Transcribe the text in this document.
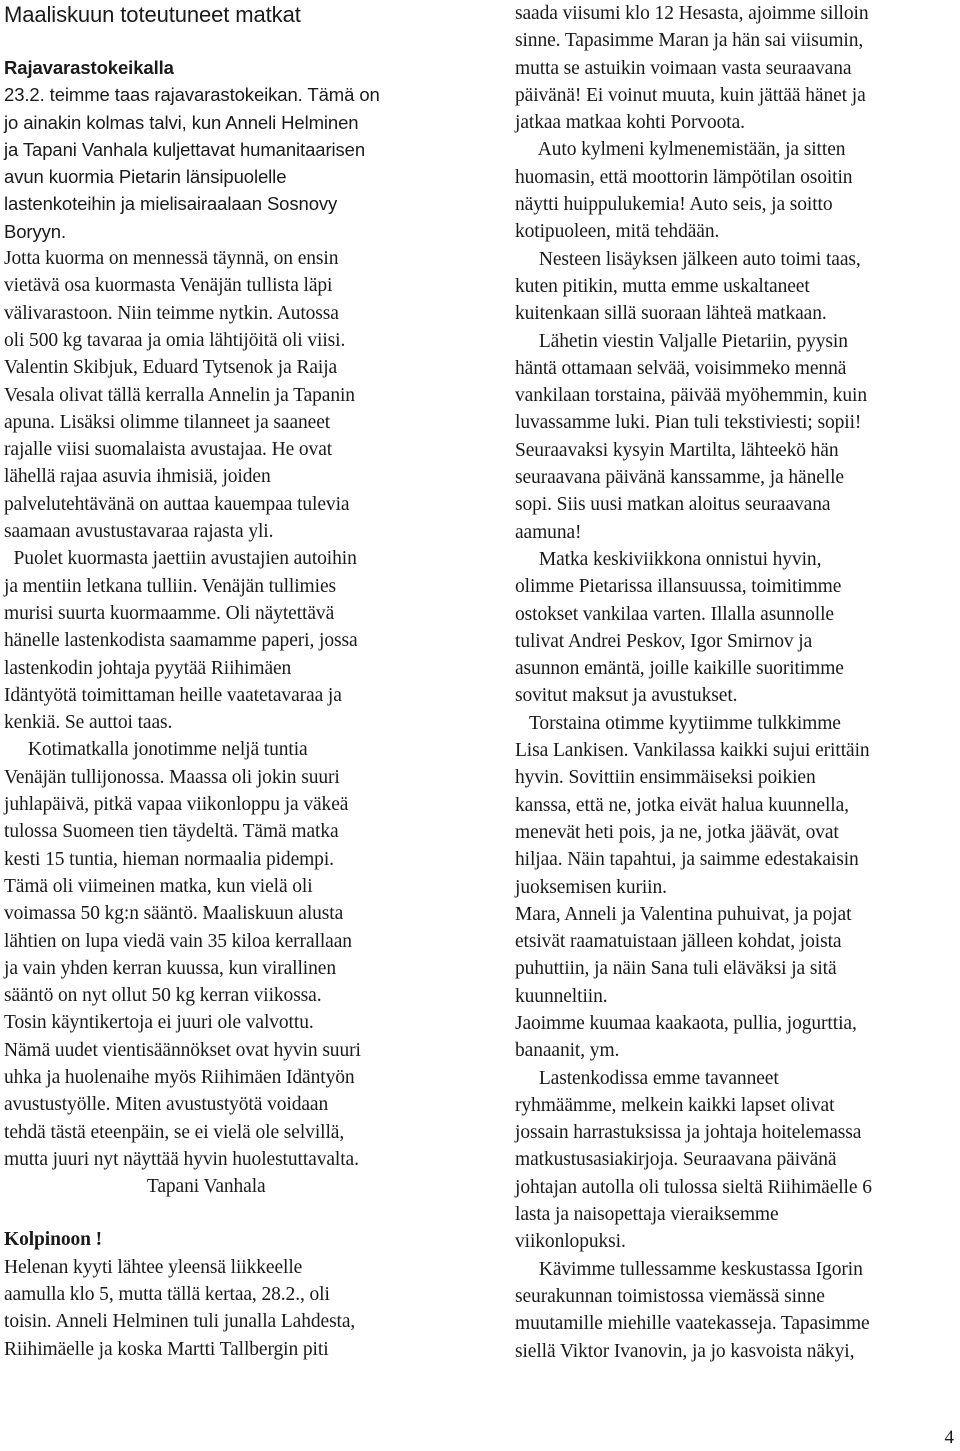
Maaliskuun toteutuneet matkat
Rajavarastokeikalla
23.2. teimme taas rajavarastokeikan. Tämä on
jo ainakin kolmas talvi, kun Anneli Helminen
ja Tapani Vanhala kuljettavat humanitaarisen
avun kuormia Pietarin länsipuolelle
lastenkoteihin ja mielisairaalaan Sosnovy
Boryyn.
Jotta kuorma on mennessä täynnä, on ensin
vietävä osa kuormasta Venäjän tullista läpi
välivarastoon. Niin teimme nytkin. Autossa
oli 500 kg tavaraa ja omia lähtijöitä oli viisi.
Valentin Skibjuk, Eduard Tytsenok ja Raija
Vesala olivat tällä kerralla Annelin ja Tapanin
apuna. Lisäksi olimme tilanneet ja saaneet
rajalle viisi suomalaista avustajaa. He ovat
lähellä rajaa asuvia ihmisiä, joiden
palvelutehtävänä on auttaa kauempaa tulevia
saamaan avustustavaraa rajasta yli.
Puolet kuormasta jaettiin avustajien autoihin
ja mentiin letkana tulliin. Venäjän tullimies
murisi suurta kuormaamme. Oli näytettävä
hänelle lastenkodista saamamme paperi, jossa
lastenkodin johtaja pyytää Riihimäen
Idäntyötä toimittaman heille vaatetavaraa ja
kenkiä. Se auttoi taas.
Kotimatkalla jonotimme neljä tuntia
Venäjän tullijonossa. Maassa oli jokin suuri
juhlapäivä, pitkä vapaa viikonloppu ja väkeä
tulossa Suomeen tien täydeltä. Tämä matka
kesti 15 tuntia, hieman normaalia pidempi.
Tämä oli viimeinen matka, kun vielä oli
voimassa 50 kg:n sääntö. Maaliskuun alusta
lähtien on lupa viedä vain 35 kiloa kerrallaan
ja vain yhden kerran kuussa, kun virallinen
sääntö on nyt ollut 50 kg kerran viikossa.
Tosin käyntikertoja ei juuri ole valvottu.
Nämä uudet vientisäännökset ovat hyvin suuri
uhka ja huolenaihe myös Riihimäen Idäntyön
avustustyölle. Miten avustustyötä voidaan
tehdä tästä eteenpäin, se ei vielä ole selvillä,
mutta juuri nyt näyttää hyvin huolestuttavalta.
Tapani Vanhala
Kolpinoon !
Helenan kyyti lähtee yleensä liikkeelle
aamulla klo 5, mutta tällä kertaa, 28.2., oli
toisin. Anneli Helminen tuli junalla Lahdesta,
Riihimäelle ja koska Martti Tallbergin piti
saada viisumi klo 12 Hesasta, ajoimme silloin
sinne. Tapasimme Maran ja hän sai viisumin,
mutta se astuikin voimaan vasta seuraavana
päivänä! Ei voinut muuta, kuin jättää hänet ja
jatkaa matkaa kohti Porvoota.
Auto kylmeni kylmenemistään, ja sitten
huomasin, että moottorin lämpötilan osoitin
näytti huippulukemia! Auto seis, ja soitto
kotipuoleen, mitä tehdään.
Nesteen lisäyksen jälkeen auto toimi taas,
kuten pitikin, mutta emme uskaltaneet
kuitenkaan sillä suoraan lähteä matkaan.
Lähetin viestin Valjalle Pietariin, pyysin
häntä ottamaan selvää, voisimmeko mennä
vankilaan torstaina, päivää myöhemmin, kuin
luvassamme luki. Pian tuli tekstiviesti; sopii!
Seuraavaksi kysyin Martilta, lähteekö hän
seuraavana päivänä kanssamme, ja hänelle
sopi. Siis uusi matkan aloitus seuraavana
aamuna!
Matka keskiviikkona onnistui hyvin,
olimme Pietarissa illansuussa, toimitimme
ostokset vankilaa varten. Illalla asunnolle
tulivat Andrei Peskov, Igor Smirnov ja
asunnon emäntä, joille kaikille suoritimme
sovitut maksut ja avustukset.
Torstaina otimme kyytiimme tulkkimme
Lisa Lankisen. Vankilassa kaikki sujui erittäin
hyvin. Sovittiin ensimmäiseksi poikien
kanssa, että ne, jotka eivät halua kuunnella,
menevät heti pois, ja ne, jotka jäävät, ovat
hiljaa. Näin tapahtui, ja saimme edestakaisin
juoksemisen kuriin.
Mara, Anneli ja Valentina puhuivat, ja pojat
etsivät raamatuistaan jälleen kohdat, joista
puhuttiin, ja näin Sana tuli eläväksi ja sitä
kuunneltiin.
Jaoimme kuumaa kaakaota, pullia, jogurttia,
banaanit, ym.
Lastenkodissa emme tavanneet
ryhmäämme, melkein kaikki lapset olivat
jossain harrastuksissa ja johtaja hoitelemassa
matkustusasiakirjoja. Seuraavana päivänä
johtajan autolla oli tulossa sieltä Riihimäelle 6
lasta ja naisopettaja vieraiksemme
viikonlopuksi.
Kävimme tullessamme keskustassa Igorin
seurakunnan toimistossa viemässä sinne
muutamille miehille vaatekasseja. Tapasimme
siellä Viktor Ivanovin, ja jo kasvoista näkyi,
4
